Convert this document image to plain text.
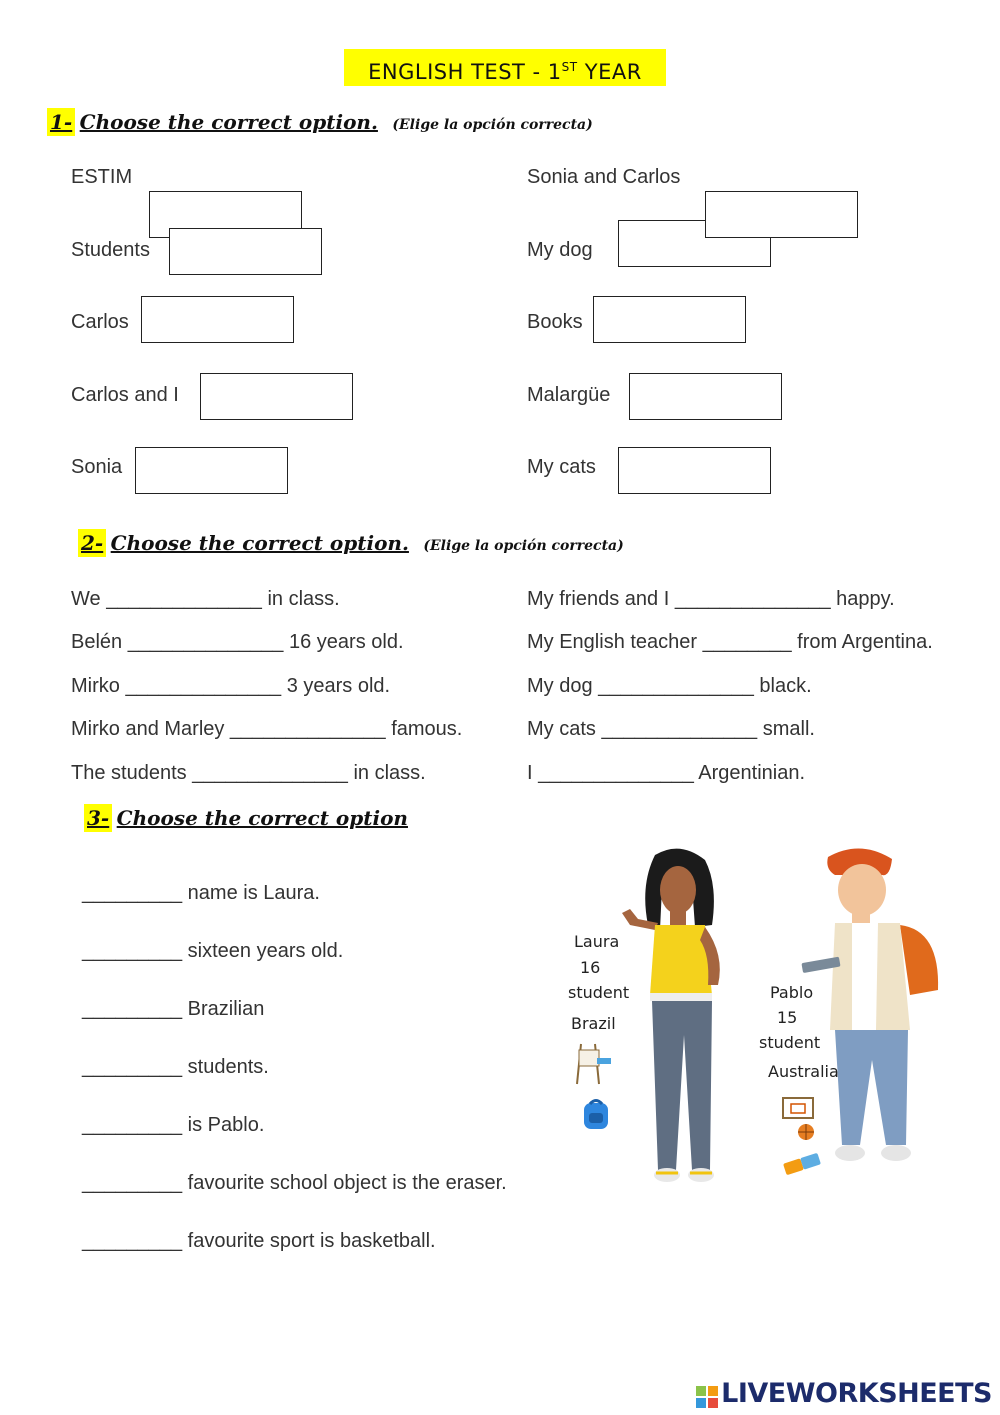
ENGLISH TEST - 1ST YEAR
1- Choose the correct option. (Elige la opción correcta)
ESTIM
Students
Carlos
Carlos and I
Sonia
Sonia and Carlos
My dog
Books
Malargüe
My cats
2- Choose the correct option. (Elige la opción correcta)
We ______________ in class.
Belén ______________ 16 years old.
Mirko ______________ 3 years old.
Mirko and Marley ______________ famous.
The students ______________ in class.
My friends and I ______________ happy.
My English teacher ________ from Argentina.
My dog ______________ black.
My cats ______________ small.
I ______________ Argentinian.
3- Choose the correct option
_________ name is Laura.
_________ sixteen years old.
_________ Brazilian
_________ students.
_________ is Pablo.
_________ favourite school object is the eraser.
_________ favourite sport is basketball.
Laura
16
student
Brazil
Pablo
15
student
Australia
LIVEWORKSHEETS
